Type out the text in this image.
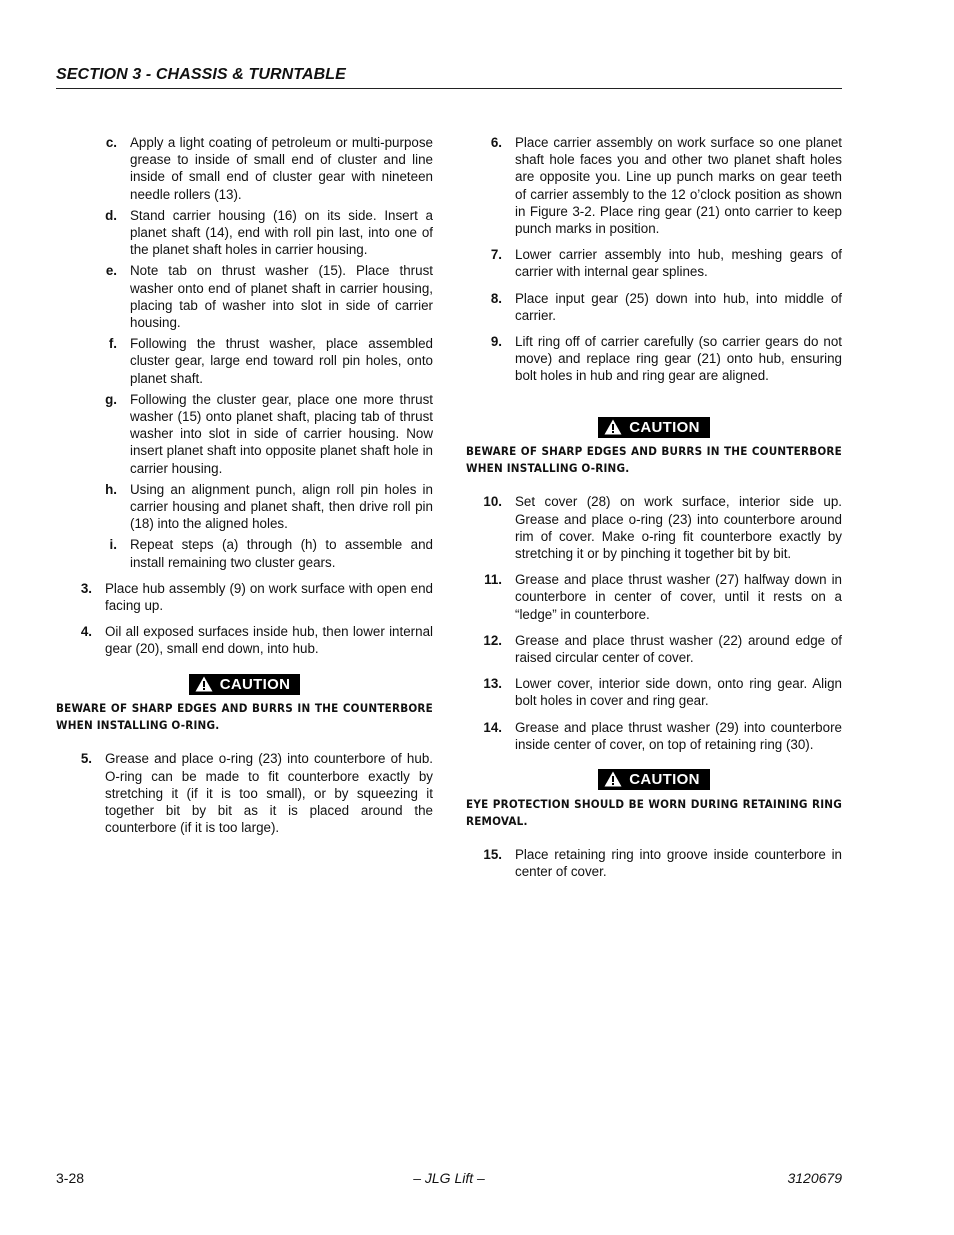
SECTION 3 - CHASSIS & TURNTABLE
c. Apply a light coating of petroleum or multi-purpose grease to inside of small end of cluster and line inside of small end of cluster gear with nineteen needle rollers (13).
d. Stand carrier housing (16) on its side. Insert a planet shaft (14), end with roll pin last, into one of the planet shaft holes in carrier housing.
e. Note tab on thrust washer (15). Place thrust washer onto end of planet shaft in carrier housing, placing tab of washer into slot in side of carrier housing.
f. Following the thrust washer, place assembled cluster gear, large end toward roll pin holes, onto planet shaft.
g. Following the cluster gear, place one more thrust washer (15) onto planet shaft, placing tab of thrust washer into slot in side of carrier housing. Now insert planet shaft into opposite planet shaft hole in carrier housing.
h. Using an alignment punch, align roll pin holes in carrier housing and planet shaft, then drive roll pin (18) into the aligned holes.
i. Repeat steps (a) through (h) to assemble and install remaining two cluster gears.
3. Place hub assembly (9) on work surface with open end facing up.
4. Oil all exposed surfaces inside hub, then lower internal gear (20), small end down, into hub.
CAUTION
BEWARE OF SHARP EDGES AND BURRS IN THE COUNTERBORE WHEN INSTALLING O-RING.
5. Grease and place o-ring (23) into counterbore of hub. O-ring can be made to fit counterbore exactly by stretching it (if it is too small), or by squeezing it together bit by bit as it is placed around the counterbore (if it is too large).
6. Place carrier assembly on work surface so one planet shaft hole faces you and other two planet shaft holes are opposite you. Line up punch marks on gear teeth of carrier assembly to the 12 o’clock position as shown in Figure 3-2. Place ring gear (21) onto carrier to keep punch marks in position.
7. Lower carrier assembly into hub, meshing gears of carrier with internal gear splines.
8. Place input gear (25) down into hub, into middle of carrier.
9. Lift ring off of carrier carefully (so carrier gears do not move) and replace ring gear (21) onto hub, ensuring bolt holes in hub and ring gear are aligned.
CAUTION
BEWARE OF SHARP EDGES AND BURRS IN THE COUNTERBORE WHEN INSTALLING O-RING.
10. Set cover (28) on work surface, interior side up. Grease and place o-ring (23) into counterbore around rim of cover. Make o-ring fit counterbore exactly by stretching it or by pinching it together bit by bit.
11. Grease and place thrust washer (27) halfway down in counterbore in center of cover, until it rests on a “ledge” in counterbore.
12. Grease and place thrust washer (22) around edge of raised circular center of cover.
13. Lower cover, interior side down, onto ring gear. Align bolt holes in cover and ring gear.
14. Grease and place thrust washer (29) into counterbore inside center of cover, on top of retaining ring (30).
CAUTION
EYE PROTECTION SHOULD BE WORN DURING RETAINING RING REMOVAL.
15. Place retaining ring into groove inside counterbore in center of cover.
3-28	– JLG Lift –	3120679
